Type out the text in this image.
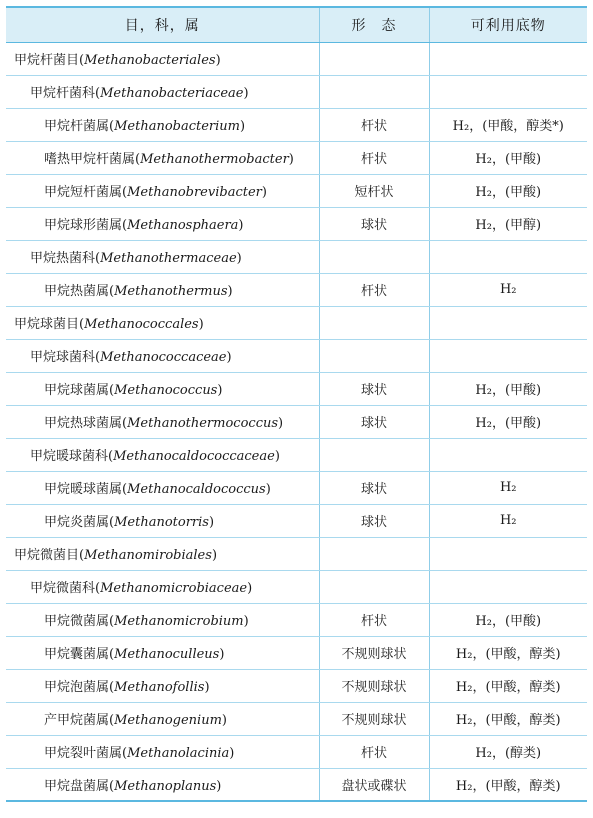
目，科，属	形　态	可利用底物
甲烷杆菌目(Methanobacteriales)		
甲烷杆菌科(Methanobacteriaceae)		
甲烷杆菌属(Methanobacterium)	杆状	H₂，(甲酸，醇类*)
嗜热甲烷杆菌属(Methanothermobacter)	杆状	H₂，(甲酸)
甲烷短杆菌属(Methanobrevibacter)	短杆状	H₂，(甲酸)
甲烷球形菌属(Methanosphaera)	球状	H₂，(甲醇)
甲烷热菌科(Methanothermaceae)		
甲烷热菌属(Methanothermus)	杆状	H₂
甲烷球菌目(Methanococcales)		
甲烷球菌科(Methanococcaceae)		
甲烷球菌属(Methanococcus)	球状	H₂，(甲酸)
甲烷热球菌属(Methanothermococcus)	球状	H₂，(甲酸)
甲烷暖球菌科(Methanocaldococcaceae)		
甲烷暖球菌属(Methanocaldococcus)	球状	H₂
甲烷炎菌属(Methanotorris)	球状	H₂
甲烷微菌目(Methanomirobiales)		
甲烷微菌科(Methanomicrobiaceae)		
甲烷微菌属(Methanomicrobium)	杆状	H₂，(甲酸)
甲烷囊菌属(Methanoculleus)	不规则球状	H₂，(甲酸，醇类)
甲烷泡菌属(Methanofollis)	不规则球状	H₂，(甲酸，醇类)
产甲烷菌属(Methanogenium)	不规则球状	H₂，(甲酸，醇类)
甲烷裂叶菌属(Methanolacinia)	杆状	H₂，(醇类)
甲烷盘菌属(Methanoplanus)	盘状或碟状	H₂，(甲酸，醇类)
